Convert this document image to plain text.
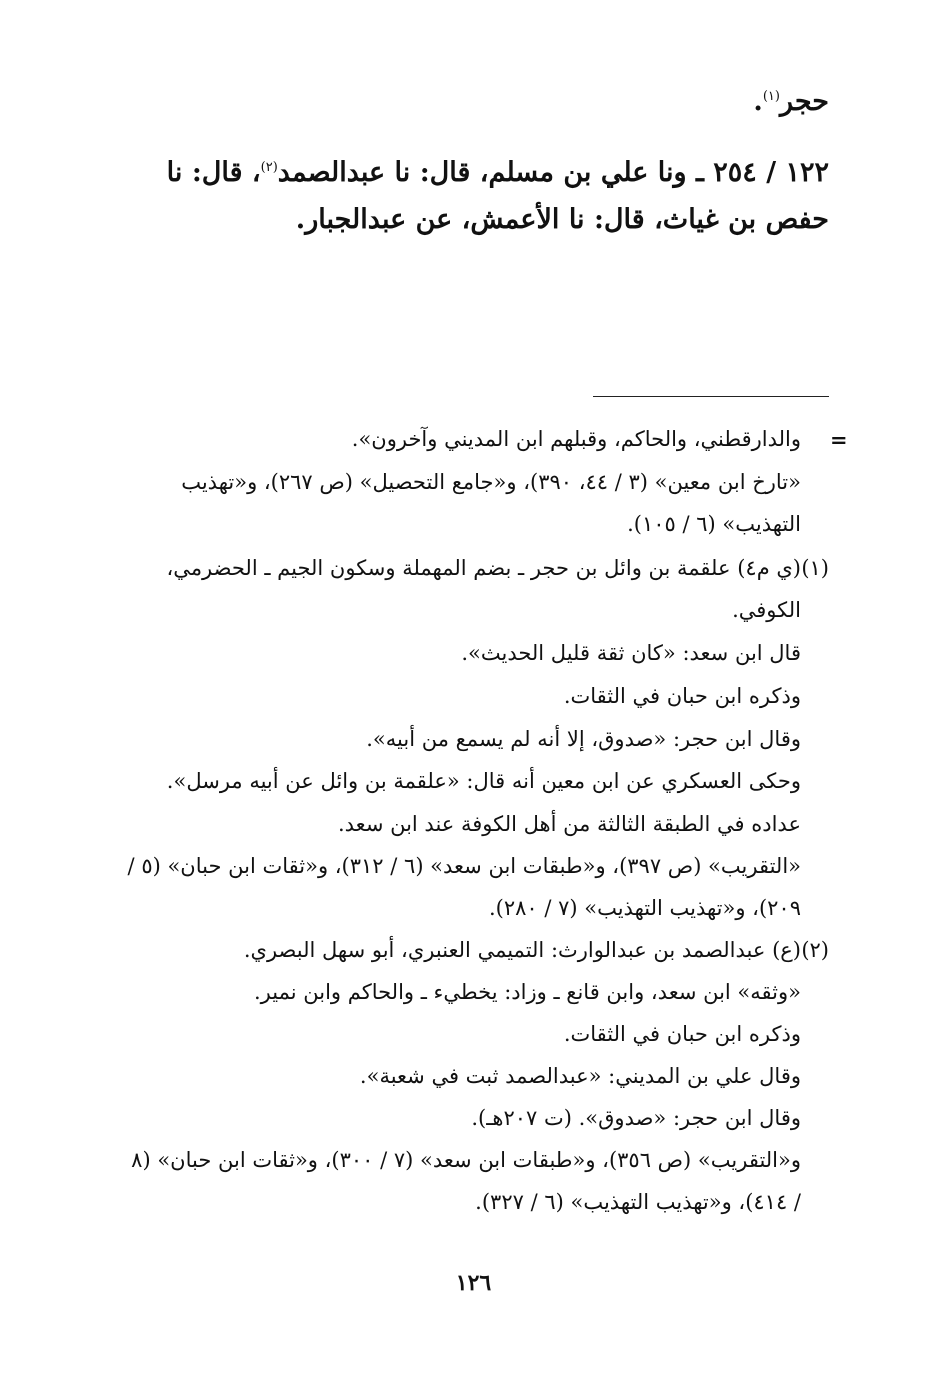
حجر$^{(١)}$.
١٢٢ / ٢٥٤ ـ ونا علي بن مسلم، قال: نا عبدالصمد$^{(٢)}$، قال: نا
حفص بن غياث، قال: نا الأعمش، عن عبدالجبار.
=
والدارقطني، والحاكم، وقبلهم ابن المديني وآخرون».
«تارخ ابن معين» (٣ / ٤٤، ٣٩٠)، و«جامع التحصيل» (ص ٢٦٧)، و«تهذيب
التهذيب» (٦ / ١٠٥).
(١)
(ي م٤) علقمة بن وائل بن حجر ـ بضم المهملة وسكون الجيم ـ الحضرمي،
الكوفي.
قال ابن سعد: «كان ثقة قليل الحديث».
وذكره ابن حبان في الثقات.
وقال ابن حجر: «صدوق، إلا أنه لم يسمع من أبيه».
وحكى العسكري عن ابن معين أنه قال: «علقمة بن وائل عن أبيه مرسل».
عداده في الطبقة الثالثة من أهل الكوفة عند ابن سعد.
«التقريب» (ص ٣٩٧)، و«طبقات ابن سعد» (٦ / ٣١٢)، و«ثقات ابن حبان» (٥ /
٢٠٩)، و«تهذيب التهذيب» (٧ / ٢٨٠).
(٢)
(ع) عبدالصمد بن عبدالوارث: التميمي العنبري، أبو سهل البصري.
«وثقه» ابن سعد، وابن قانع ـ وزاد: يخطيء ـ والحاكم وابن نمير.
وذكره ابن حبان في الثقات.
وقال علي بن المديني: «عبدالصمد ثبت في شعبة».
وقال ابن حجر: «صدوق». (ت ٢٠٧هـ).
و«التقريب» (ص ٣٥٦)، و«طبقات ابن سعد» (٧ / ٣٠٠)، و«ثقات ابن حبان» (٨
/ ٤١٤)، و«تهذيب التهذيب» (٦ / ٣٢٧).
١٢٦
